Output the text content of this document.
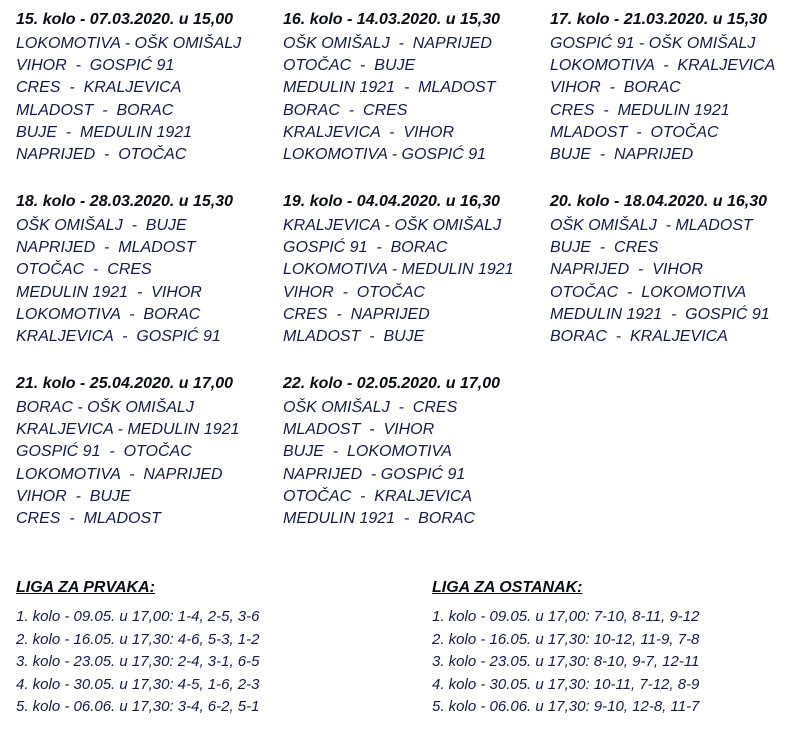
15. kolo - 07.03.2020. u 15,00
LOKOMOTIVA - OŠK OMIŠALJ
VIHOR  -  GOSPIĆ 91
CRES  -  KRALJEVICA
MLADOST  -  BORAC
BUJE  -  MEDULIN 1921
NAPRIJED  -  OTOČAC
16. kolo - 14.03.2020. u 15,30
OŠK OMIŠALJ  -  NAPRIJED
OTOČAC  -  BUJE
MEDULIN 1921  -  MLADOST
BORAC  -  CRES
KRALJEVICA  -  VIHOR
LOKOMOTIVA - GOSPIĆ 91
17. kolo - 21.03.2020. u 15,30
GOSPIĆ 91 - OŠK OMIŠALJ
LOKOMOTIVA  -  KRALJEVICA
VIHOR  -  BORAC
CRES  -  MEDULIN 1921
MLADOST  -  OTOČAC
BUJE  -  NAPRIJED
18. kolo - 28.03.2020. u 15,30
OŠK OMIŠALJ  -  BUJE
NAPRIJED  -  MLADOST
OTOČAC  -  CRES
MEDULIN 1921  -  VIHOR
LOKOMOTIVA  -  BORAC
KRALJEVICA  -  GOSPIĆ 91
19. kolo - 04.04.2020. u 16,30
KRALJEVICA - OŠK OMIŠALJ
GOSPIĆ 91  -  BORAC
LOKOMOTIVA - MEDULIN 1921
VIHOR  -  OTOČAC
CRES  -  NAPRIJED
MLADOST  -  BUJE
20. kolo - 18.04.2020. u 16,30
OŠK OMIŠALJ  - MLADOST
BUJE  -  CRES
NAPRIJED  -  VIHOR
OTOČAC  -  LOKOMOTIVA
MEDULIN 1921  -  GOSPIĆ 91
BORAC  -  KRALJEVICA
21. kolo - 25.04.2020. u 17,00
BORAC - OŠK OMIŠALJ
KRALJEVICA - MEDULIN 1921
GOSPIĆ 91  -  OTOČAC
LOKOMOTIVA  -  NAPRIJED
VIHOR  -  BUJE
CRES  -  MLADOST
22. kolo - 02.05.2020. u 17,00
OŠK OMIŠALJ  -  CRES
MLADOST  -  VIHOR
BUJE  -  LOKOMOTIVA
NAPRIJED  - GOSPIĆ 91
OTOČAC  -  KRALJEVICA
MEDULIN 1921  -  BORAC
LIGA ZA PRVAKA:
1. kolo - 09.05. u 17,00: 1-4, 2-5, 3-6
2. kolo - 16.05. u 17,30: 4-6, 5-3, 1-2
3. kolo - 23.05. u 17,30: 2-4, 3-1, 6-5
4. kolo - 30.05. u 17,30: 4-5, 1-6, 2-3
5. kolo - 06.06. u 17,30: 3-4, 6-2, 5-1
LIGA ZA OSTANAK:
1. kolo - 09.05. u 17,00: 7-10, 8-11, 9-12
2. kolo - 16.05. u 17,30: 10-12, 11-9, 7-8
3. kolo - 23.05. u 17,30: 8-10, 9-7, 12-11
4. kolo - 30.05. u 17,30: 10-11, 7-12, 8-9
5. kolo - 06.06. u 17,30: 9-10, 12-8, 11-7
